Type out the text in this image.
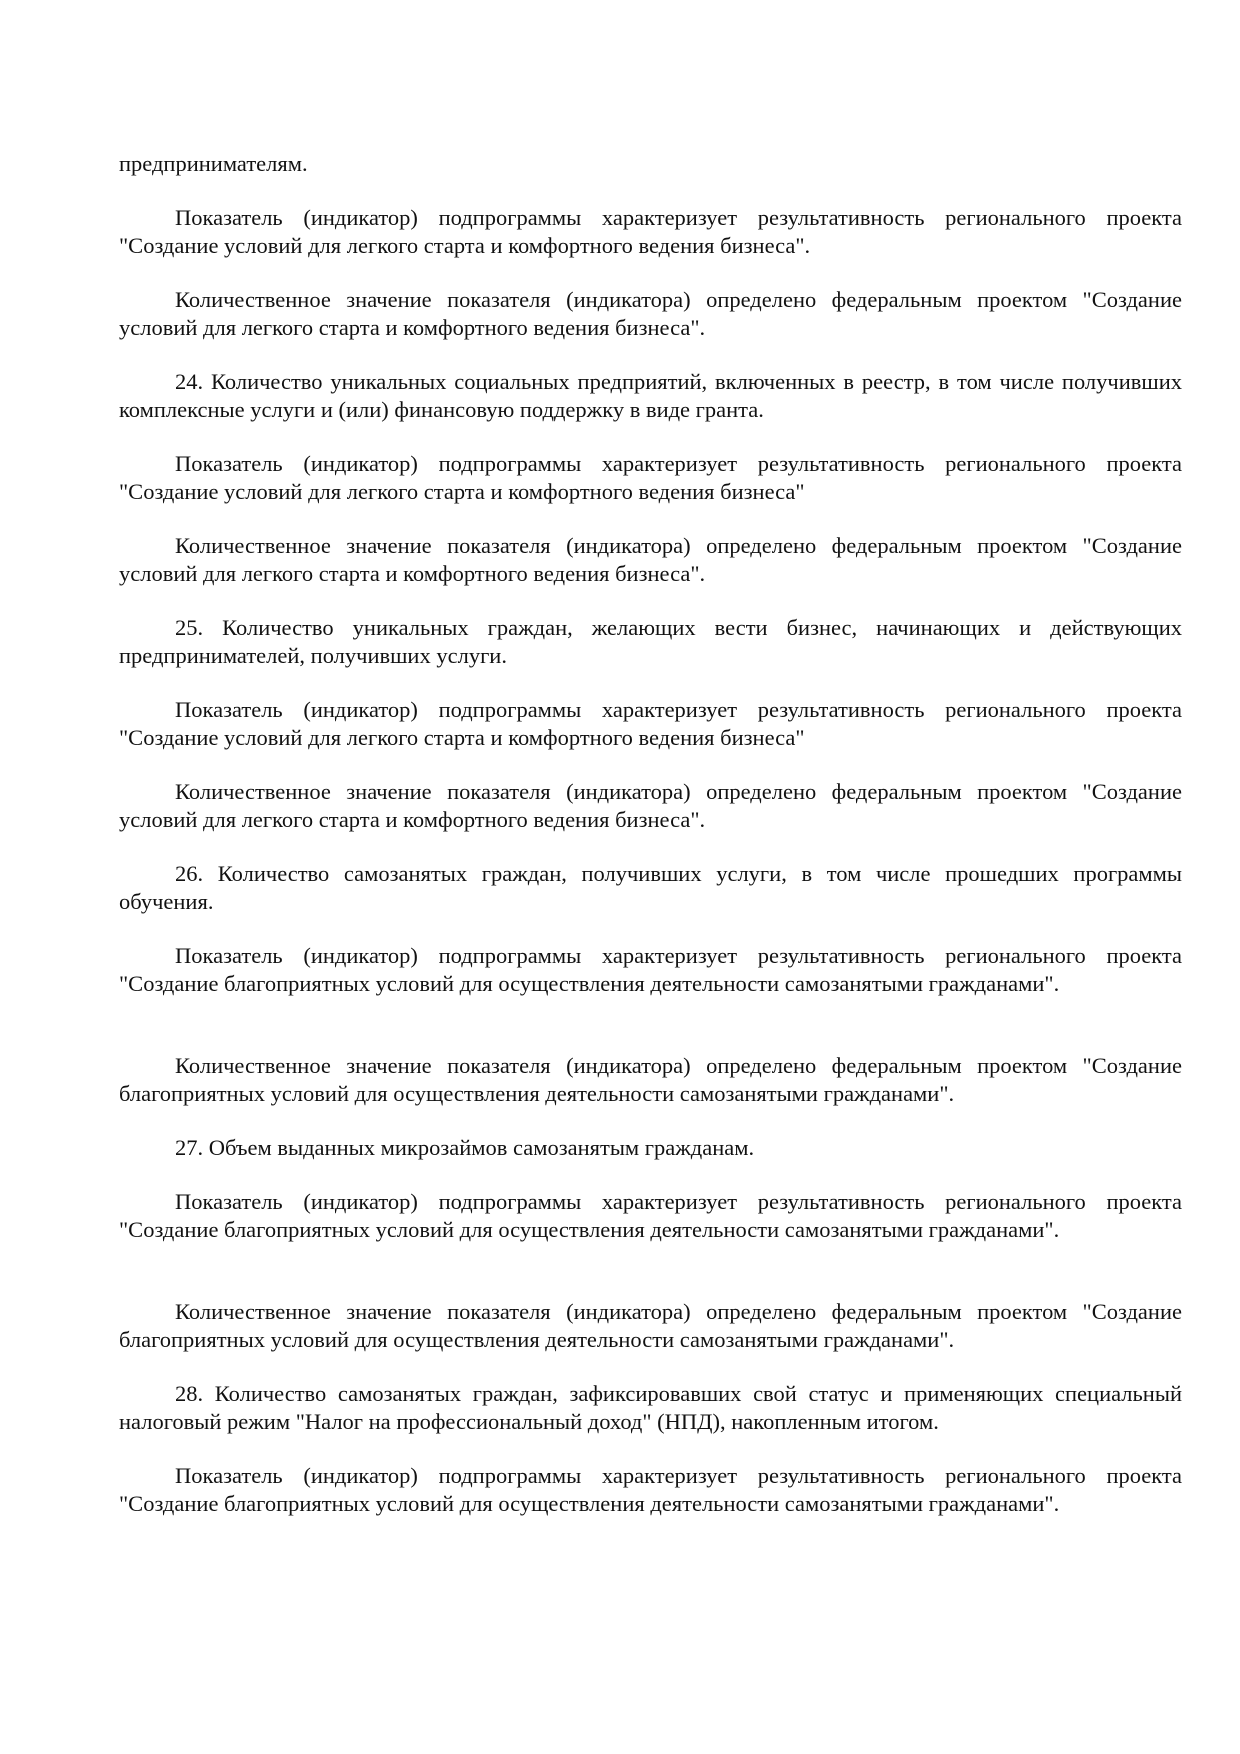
предпринимателям.

Показатель (индикатор) подпрограммы характеризует результативность регионального проекта "Создание условий для легкого старта и комфортного ведения бизнеса".

Количественное значение показателя (индикатора) определено федеральным проектом "Создание условий для легкого старта и комфортного ведения бизнеса".

24. Количество уникальных социальных предприятий, включенных в реестр, в том числе получивших комплексные услуги и (или) финансовую поддержку в виде гранта.

Показатель (индикатор) подпрограммы характеризует результативность регионального проекта "Создание условий для легкого старта и комфортного ведения бизнеса"

Количественное значение показателя (индикатора) определено федеральным проектом "Создание условий для легкого старта и комфортного ведения бизнеса".

25. Количество уникальных граждан, желающих вести бизнес, начинающих и действующих предпринимателей, получивших услуги.

Показатель (индикатор) подпрограммы характеризует результативность регионального проекта "Создание условий для легкого старта и комфортного ведения бизнеса"

Количественное значение показателя (индикатора) определено федеральным проектом "Создание условий для легкого старта и комфортного ведения бизнеса".

26. Количество самозанятых граждан, получивших услуги, в том числе прошедших программы обучения.

Показатель (индикатор) подпрограммы характеризует результативность регионального проекта "Создание благоприятных условий для осуществления деятельности самозанятыми гражданами".

Количественное значение показателя (индикатора) определено федеральным проектом "Создание благоприятных условий для осуществления деятельности самозанятыми гражданами".

27. Объем выданных микрозаймов самозанятым гражданам.

Показатель (индикатор) подпрограммы характеризует результативность регионального проекта "Создание благоприятных условий для осуществления деятельности самозанятыми гражданами".

Количественное значение показателя (индикатора) определено федеральным проектом "Создание благоприятных условий для осуществления деятельности самозанятыми гражданами".

28. Количество самозанятых граждан, зафиксировавших свой статус и применяющих специальный налоговый режим "Налог на профессиональный доход" (НПД), накопленным итогом.

Показатель (индикатор) подпрограммы характеризует результативность регионального проекта "Создание благоприятных условий для осуществления деятельности самозанятыми гражданами".
